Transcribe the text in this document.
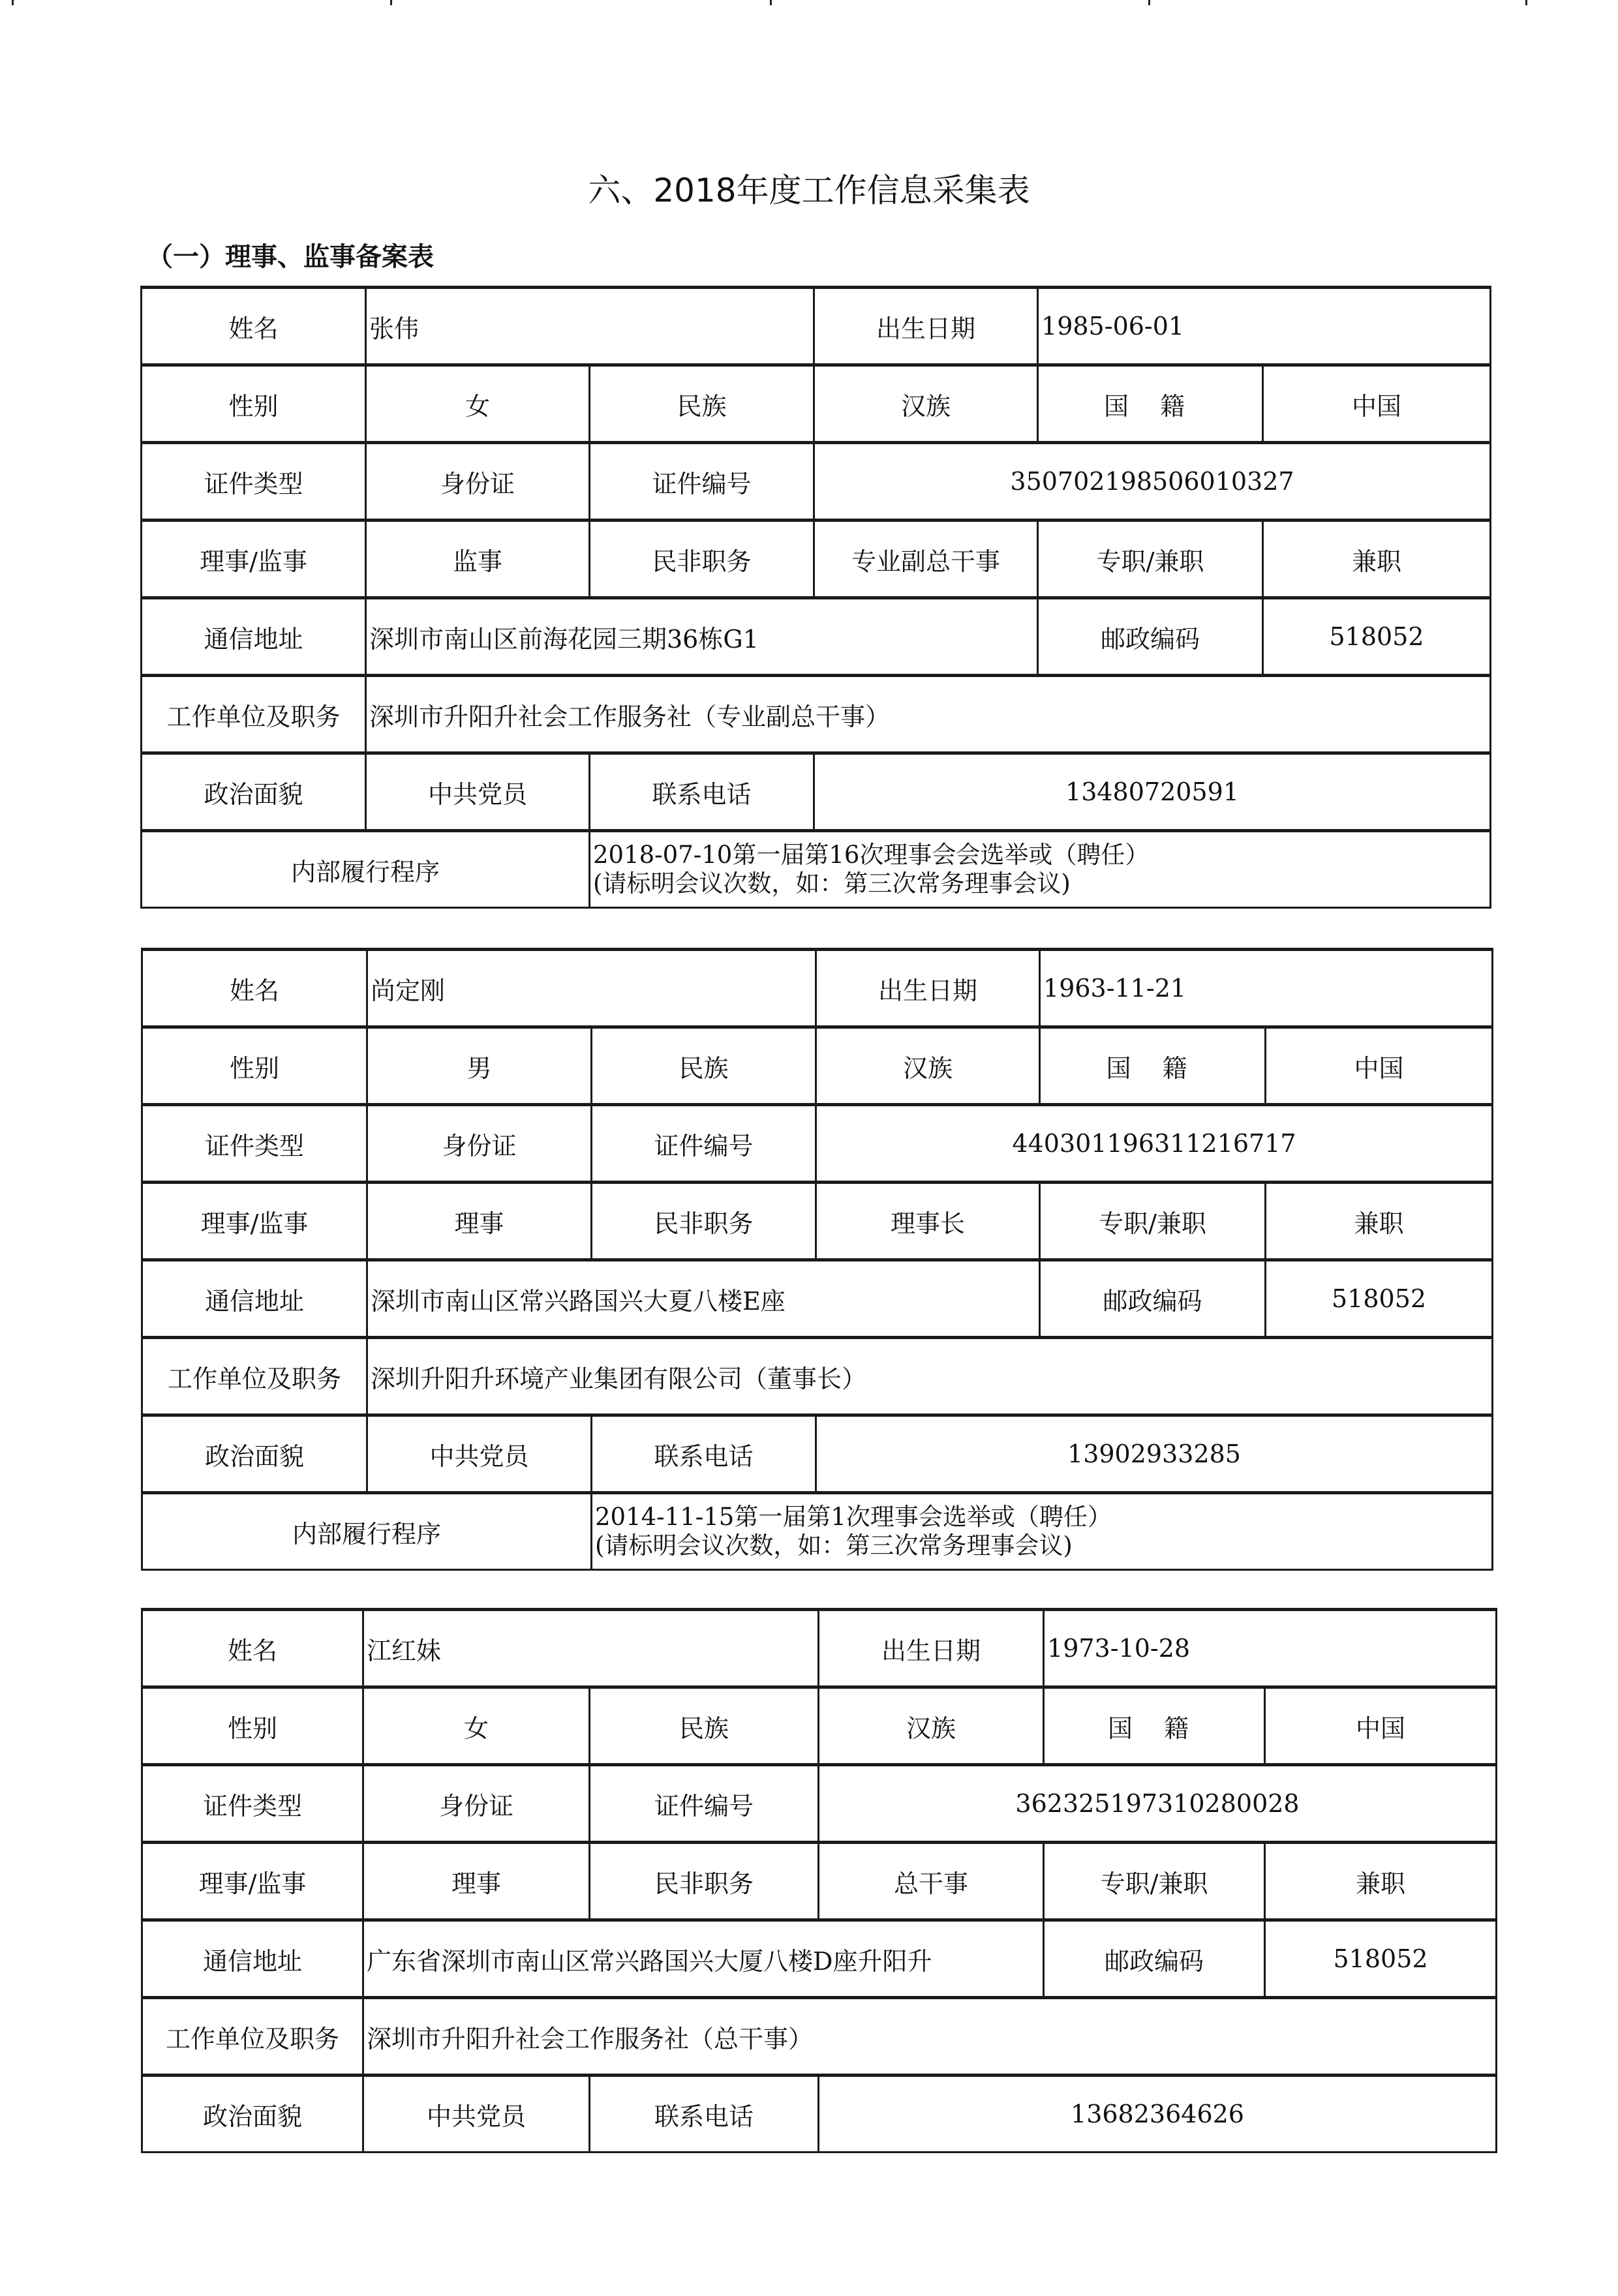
六、2018年度工作信息采集表
（一）理事、监事备案表
姓名	张伟		出生日期	1985-06-01	
性别	女	民族	汉族	国 籍	中国
证件类型	身份证	证件编号	350702198506010327		
理事/监事	监事	民非职务	专业副总干事	专职/兼职	兼职
通信地址	深圳市南山区前海花园三期36栋G1			邮政编码	518052
工作单位及职务	深圳市升阳升社会工作服务社（专业副总干事）				
政治面貌	中共党员	联系电话	13480720591		
内部履行程序		2018-07-10第一届第16次理事会会选举或（聘任）
(请标明会议次数，如：第三次常务理事会议)			
姓名	尚定刚		出生日期	1963-11-21	
性别	男	民族	汉族	国 籍	中国
证件类型	身份证	证件编号	440301196311216717		
理事/监事	理事	民非职务	理事长	专职/兼职	兼职
通信地址	深圳市南山区常兴路国兴大夏八楼E座			邮政编码	518052
工作单位及职务	深圳升阳升环境产业集团有限公司（董事长）				
政治面貌	中共党员	联系电话	13902933285		
内部履行程序		2014-11-15第一届第1次理事会选举或（聘任）
(请标明会议次数，如：第三次常务理事会议)			
姓名	江红妹		出生日期	1973-10-28	
性别	女	民族	汉族	国 籍	中国
证件类型	身份证	证件编号	362325197310280028		
理事/监事	理事	民非职务	总干事	专职/兼职	兼职
通信地址	广东省深圳市南山区常兴路国兴大厦八楼D座升阳升			邮政编码	518052
工作单位及职务	深圳市升阳升社会工作服务社（总干事）				
政治面貌	中共党员	联系电话	13682364626		
